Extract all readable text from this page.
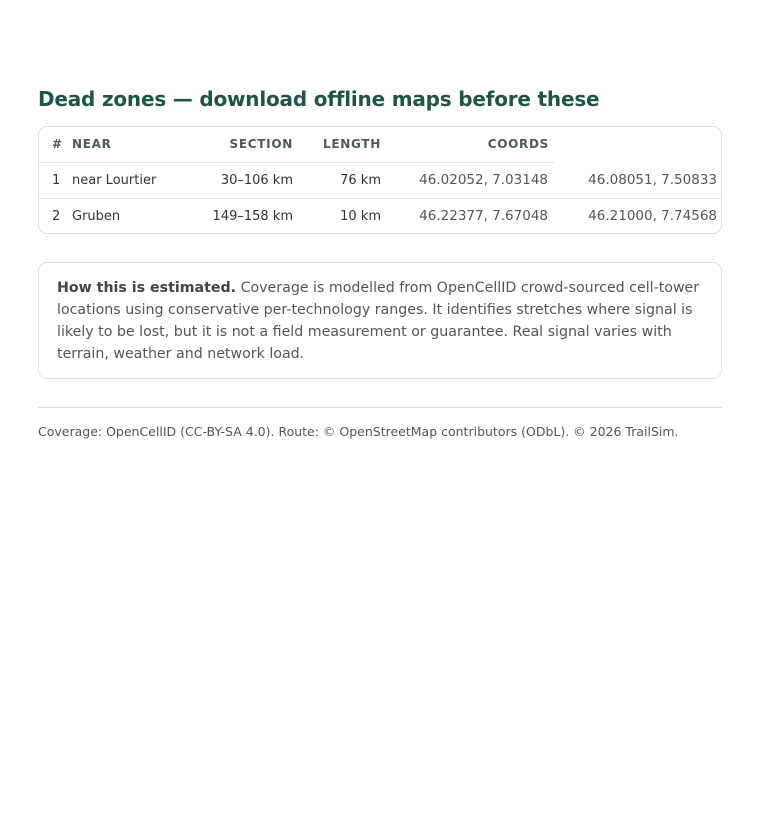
Dead zones — download offline maps before these
#	NEAR	SECTION	LENGTH	COORDS	
1	near Lourtier	30–106 km	76 km	46.02052, 7.03148	46.08051, 7.50833
2	Gruben	149–158 km	10 km	46.22377, 7.67048	46.21000, 7.74568
How this is estimated. Coverage is modelled from OpenCellID crowd-sourced cell-tower locations using conservative per-technology ranges. It identifies stretches where signal is likely to be lost, but it is not a field measurement or guarantee. Real signal varies with terrain, weather and network load.
Coverage: OpenCellID (CC-BY-SA 4.0). Route: © OpenStreetMap contributors (ODbL). © 2026 TrailSim.
